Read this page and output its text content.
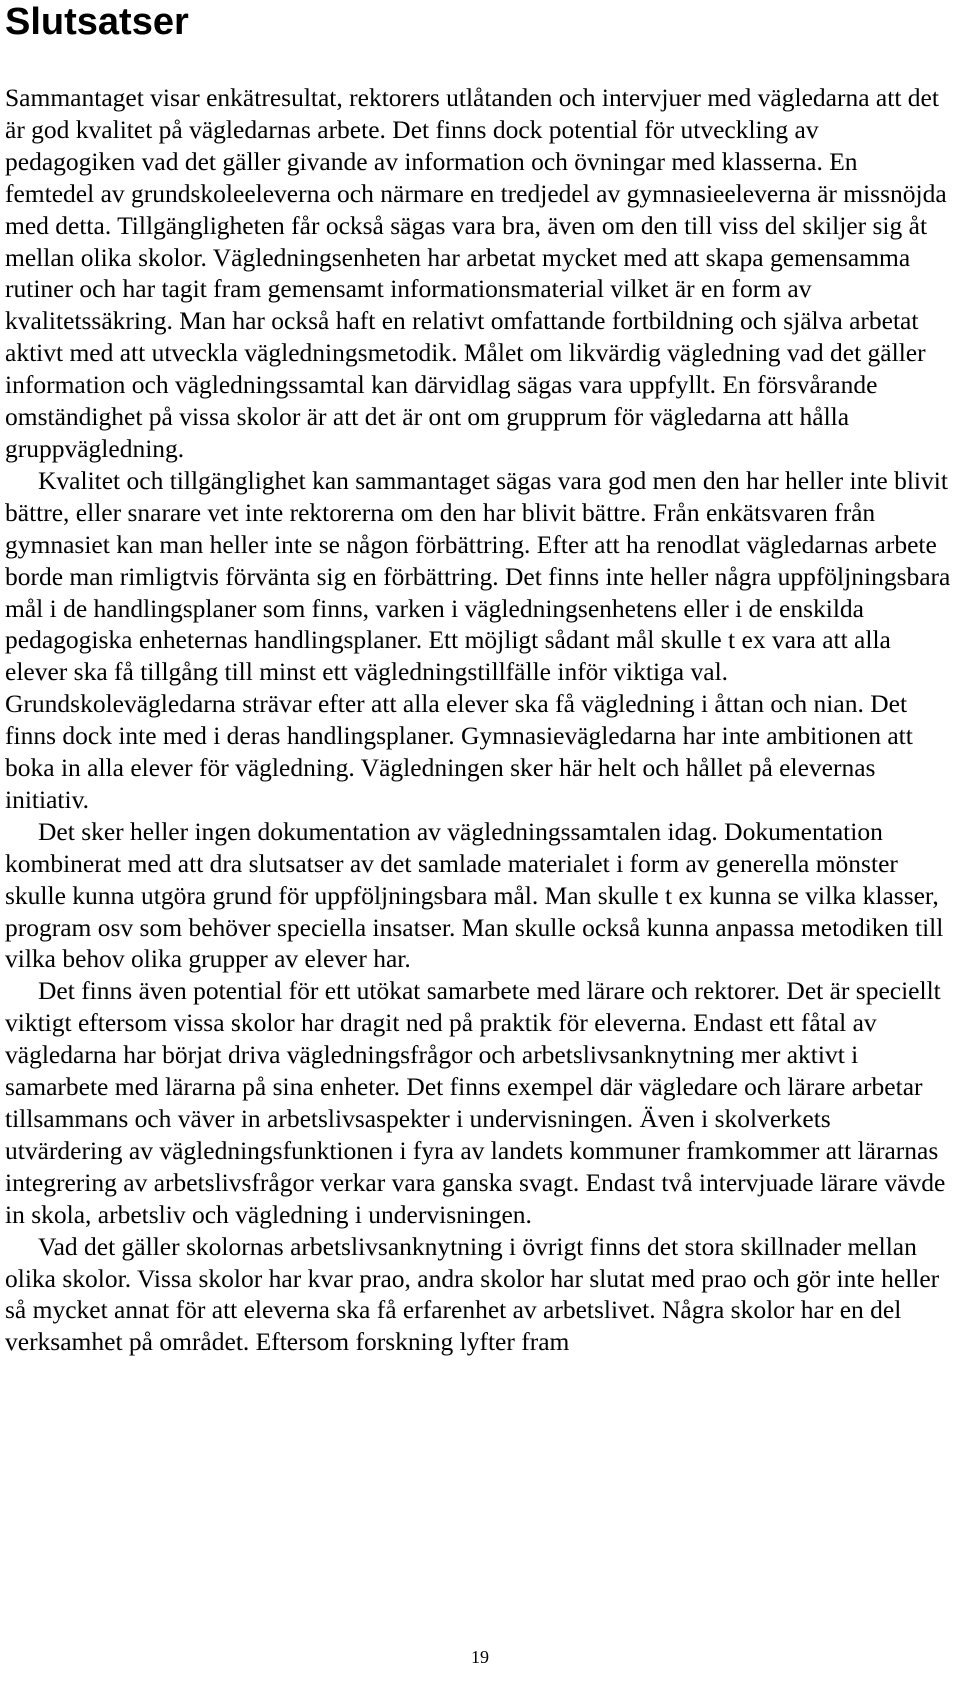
Slutsatser

Sammantaget visar enkätresultat, rektorers utlåtanden och intervjuer med vägledarna att det är god kvalitet på vägledarnas arbete. Det finns dock potential för utveckling av pedagogiken vad det gäller givande av information och övningar med klasserna. En femtedel av grundskoleeleverna och närmare en tredjedel av gymnasieeleverna är missnöjda med detta. Tillgängligheten får också sägas vara bra, även om den till viss del skiljer sig åt mellan olika skolor. Vägledningsenheten har arbetat mycket med att skapa gemensamma rutiner och har tagit fram gemensamt informationsmaterial vilket är en form av kvalitetssäkring. Man har också haft en relativt omfattande fortbildning och själva arbetat aktivt med att utveckla vägledningsmetodik. Målet om likvärdig vägledning vad det gäller information och vägledningssamtal kan därvidlag sägas vara uppfyllt. En försvårande omständighet på vissa skolor är att det är ont om grupprum för vägledarna att hålla gruppvägledning.

Kvalitet och tillgänglighet kan sammantaget sägas vara god men den har heller inte blivit bättre, eller snarare vet inte rektorerna om den har blivit bättre. Från enkätsvaren från gymnasiet kan man heller inte se någon förbättring. Efter att ha renodlat vägledarnas arbete borde man rimligtvis förvänta sig en förbättring. Det finns inte heller några uppföljningsbara mål i de handlingsplaner som finns, varken i vägledningsenhetens eller i de enskilda pedagogiska enheternas handlingsplaner. Ett möjligt sådant mål skulle t ex vara att alla elever ska få tillgång till minst ett vägledningstillfälle inför viktiga val. Grundskolevägledarna strävar efter att alla elever ska få vägledning i åttan och nian. Det finns dock inte med i deras handlingsplaner. Gymnasievägledarna har inte ambitionen att boka in alla elever för vägledning. Vägledningen sker här helt och hållet på elevernas initiativ.

Det sker heller ingen dokumentation av vägledningssamtalen idag. Dokumentation kombinerat med att dra slutsatser av det samlade materialet i form av generella mönster skulle kunna utgöra grund för uppföljningsbara mål. Man skulle t ex kunna se vilka klasser, program osv som behöver speciella insatser. Man skulle också kunna anpassa metodiken till vilka behov olika grupper av elever har.

Det finns även potential för ett utökat samarbete med lärare och rektorer. Det är speciellt viktigt eftersom vissa skolor har dragit ned på praktik för eleverna. Endast ett fåtal av vägledarna har börjat driva vägledningsfrågor och arbetslivsanknytning mer aktivt i samarbete med lärarna på sina enheter. Det finns exempel där vägledare och lärare arbetar tillsammans och väver in arbetslivsaspekter i undervisningen. Även i skolverkets utvärdering av vägledningsfunktionen i fyra av landets kommuner framkommer att lärarnas integrering av arbetslivsfrågor verkar vara ganska svagt. Endast två intervjuade lärare vävde in skola, arbetsliv och vägledning i undervisningen.

Vad det gäller skolornas arbetslivsanknytning i övrigt finns det stora skillnader mellan olika skolor. Vissa skolor har kvar prao, andra skolor har slutat med prao och gör inte heller så mycket annat för att eleverna ska få erfarenhet av arbetslivet. Några skolor har en del verksamhet på området. Eftersom forskning lyfter fram

19
